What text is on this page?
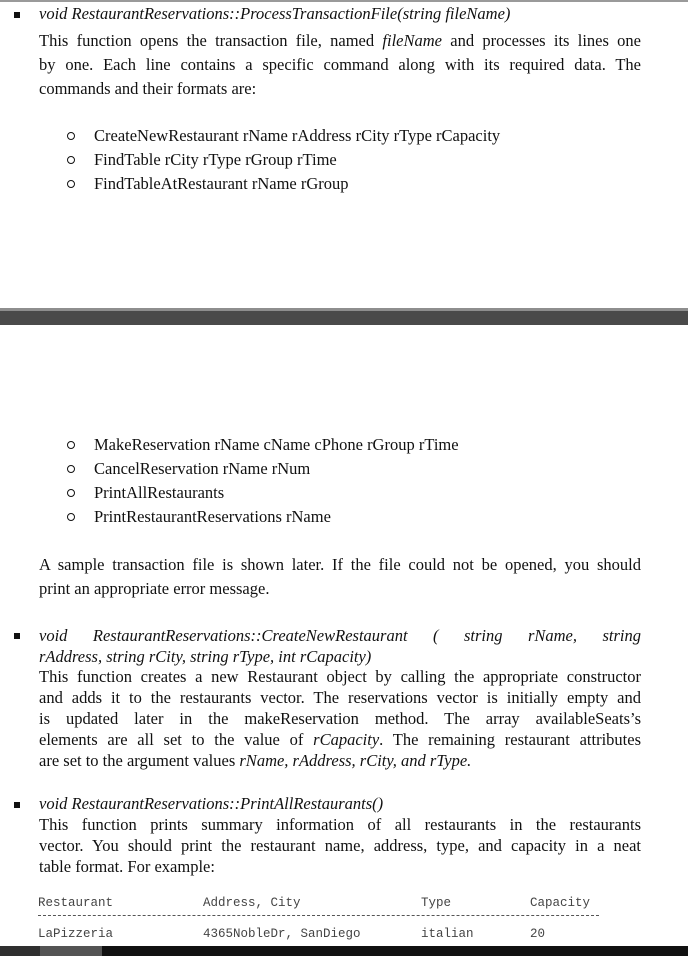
void RestaurantReservations::ProcessTransactionFile(string fileName)
This function opens the transaction file, named fileName and processes its lines one
by one. Each line contains a specific command along with its required data. The
commands and their formats are:
CreateNewRestaurant rName rAddress rCity rType rCapacity
FindTable rCity rType rGroup rTime
FindTableAtRestaurant rName rGroup
MakeReservation rName cName cPhone rGroup rTime
CancelReservation rName rNum
PrintAllRestaurants
PrintRestaurantReservations rName
A sample transaction file is shown later. If the file could not be opened, you should
print an appropriate error message.
void RestaurantReservations::CreateNewRestaurant ( string rName, string
rAddress, string rCity, string rType, int rCapacity)
This function creates a new Restaurant object by calling the appropriate constructor
and adds it to the restaurants vector. The reservations vector is initially empty and
is updated later in the makeReservation method. The array availableSeats’s
elements are all set to the value of rCapacity. The remaining restaurant attributes
are set to the argument values rName, rAddress, rCity, and rType.
void RestaurantReservations::PrintAllRestaurants()
This function prints summary information of all restaurants in the restaurants
vector. You should print the restaurant name, address, type, and capacity in a neat
table format. For example:
Restaurant	Address, City	Type	Capacity
LaPizzeria	4365NobleDr, SanDiego	italian	20
